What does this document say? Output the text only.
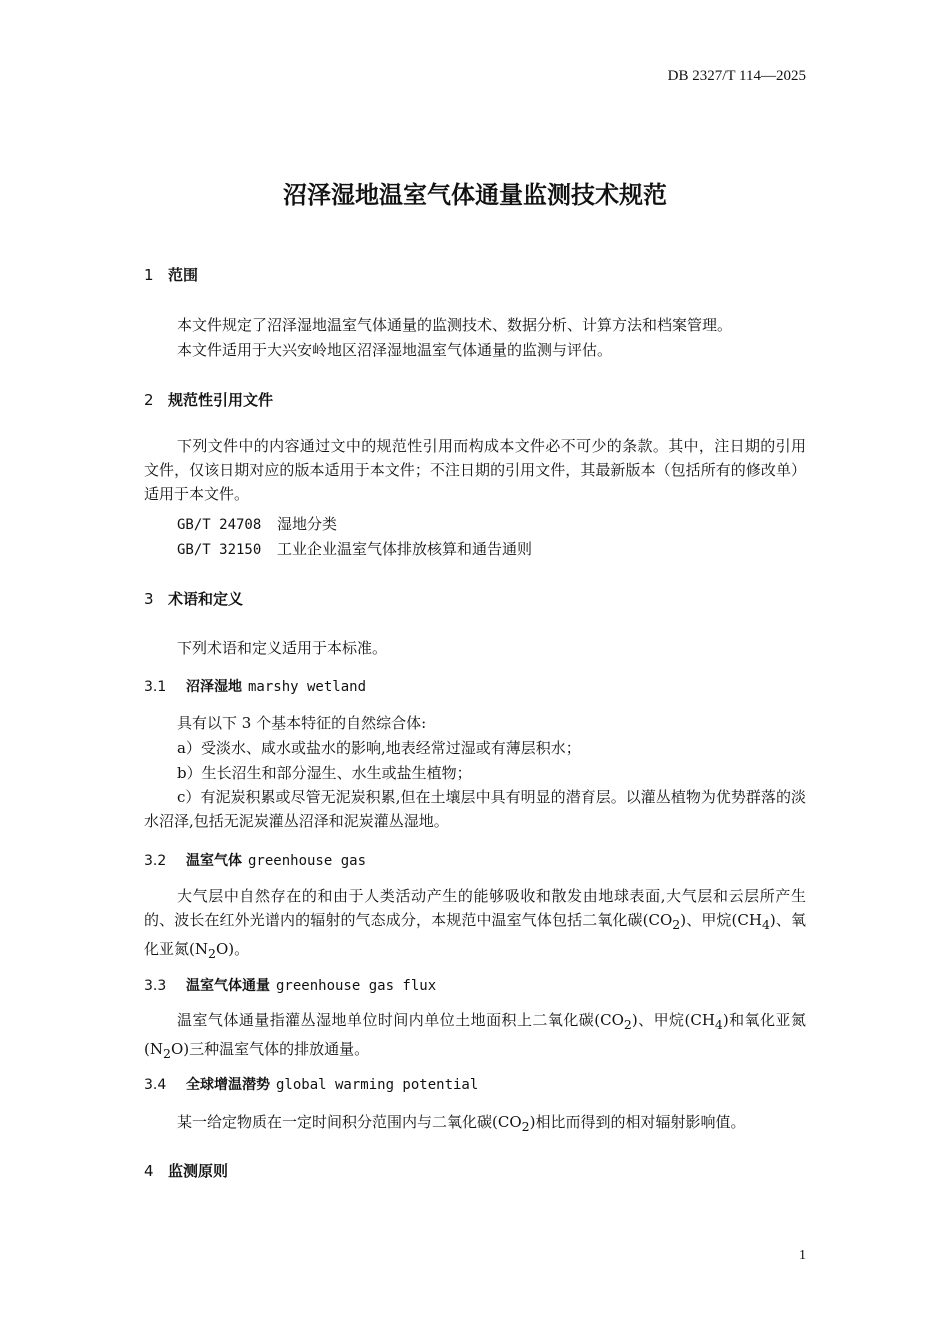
DB 2327/T 114—2025
沼泽湿地温室气体通量监测技术规范
1 范围
本文件规定了沼泽湿地温室气体通量的监测技术、数据分析、计算方法和档案管理。
本文件适用于大兴安岭地区沼泽湿地温室气体通量的监测与评估。
2 规范性引用文件
下列文件中的内容通过文中的规范性引用而构成本文件必不可少的条款。其中，注日期的引用文件，仅该日期对应的版本适用于本文件；不注日期的引用文件，其最新版本（包括所有的修改单）适用于本文件。
GB/T 24708 湿地分类
GB/T 32150 工业企业温室气体排放核算和通告通则
3 术语和定义
下列术语和定义适用于本标准。
3.1 沼泽湿地 marshy wetland
具有以下 3 个基本特征的自然综合体:
a）受淡水、咸水或盐水的影响,地表经常过湿或有薄层积水；
b）生长沼生和部分湿生、水生或盐生植物；
c）有泥炭积累或尽管无泥炭积累,但在土壤层中具有明显的潜育层。以灌丛植物为优势群落的淡水沼泽,包括无泥炭灌丛沼泽和泥炭灌丛湿地。
3.2 温室气体 greenhouse gas
大气层中自然存在的和由于人类活动产生的能够吸收和散发由地球表面,大气层和云层所产生的、波长在红外光谱内的辐射的气态成分，本规范中温室气体包括二氧化碳$(CO_2)$、甲烷$(CH_4)$、氧化亚氮$(N_2O)$。
3.3 温室气体通量 greenhouse gas flux
温室气体通量指灌丛湿地单位时间内单位土地面积上二氧化碳$(CO_2)$、甲烷$(CH_4)$和氧化亚氮$(N_2O)$三种温室气体的排放通量。
3.4 全球增温潜势 global warming potential
某一给定物质在一定时间积分范围内与二氧化碳$(CO_2)$相比而得到的相对辐射影响值。
4 监测原则
1
